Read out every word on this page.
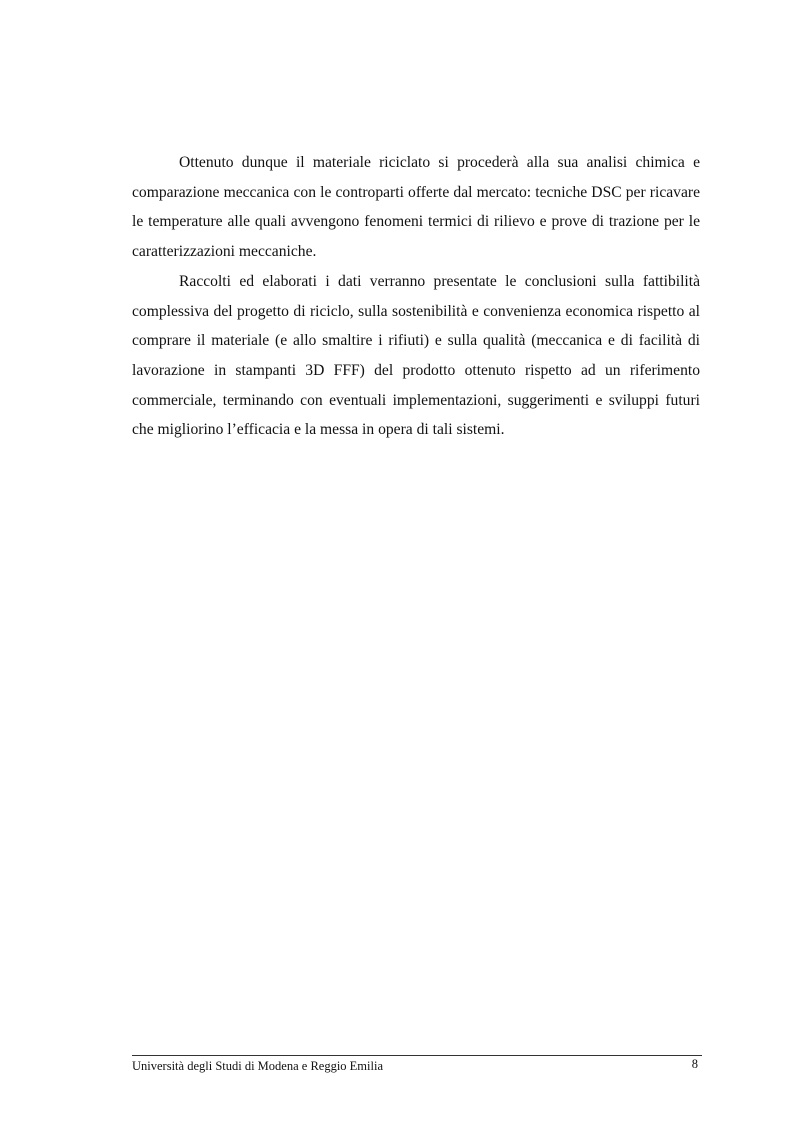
Ottenuto dunque il materiale riciclato si procederà alla sua analisi chimica e comparazione meccanica con le controparti offerte dal mercato: tecniche DSC per ricavare le temperature alle quali avvengono fenomeni termici di rilievo e prove di trazione per le caratterizzazioni meccaniche.

Raccolti ed elaborati i dati verranno presentate le conclusioni sulla fattibilità complessiva del progetto di riciclo, sulla sostenibilità e convenienza economica rispetto al comprare il materiale (e allo smaltire i rifiuti) e sulla qualità (meccanica e di facilità di lavorazione in stampanti 3D FFF) del prodotto ottenuto rispetto ad un riferimento commerciale, terminando con eventuali implementazioni, suggerimenti e sviluppi futuri che migliorino l’efficacia e la messa in opera di tali sistemi.

Università degli Studi di Modena e Reggio Emilia	8
